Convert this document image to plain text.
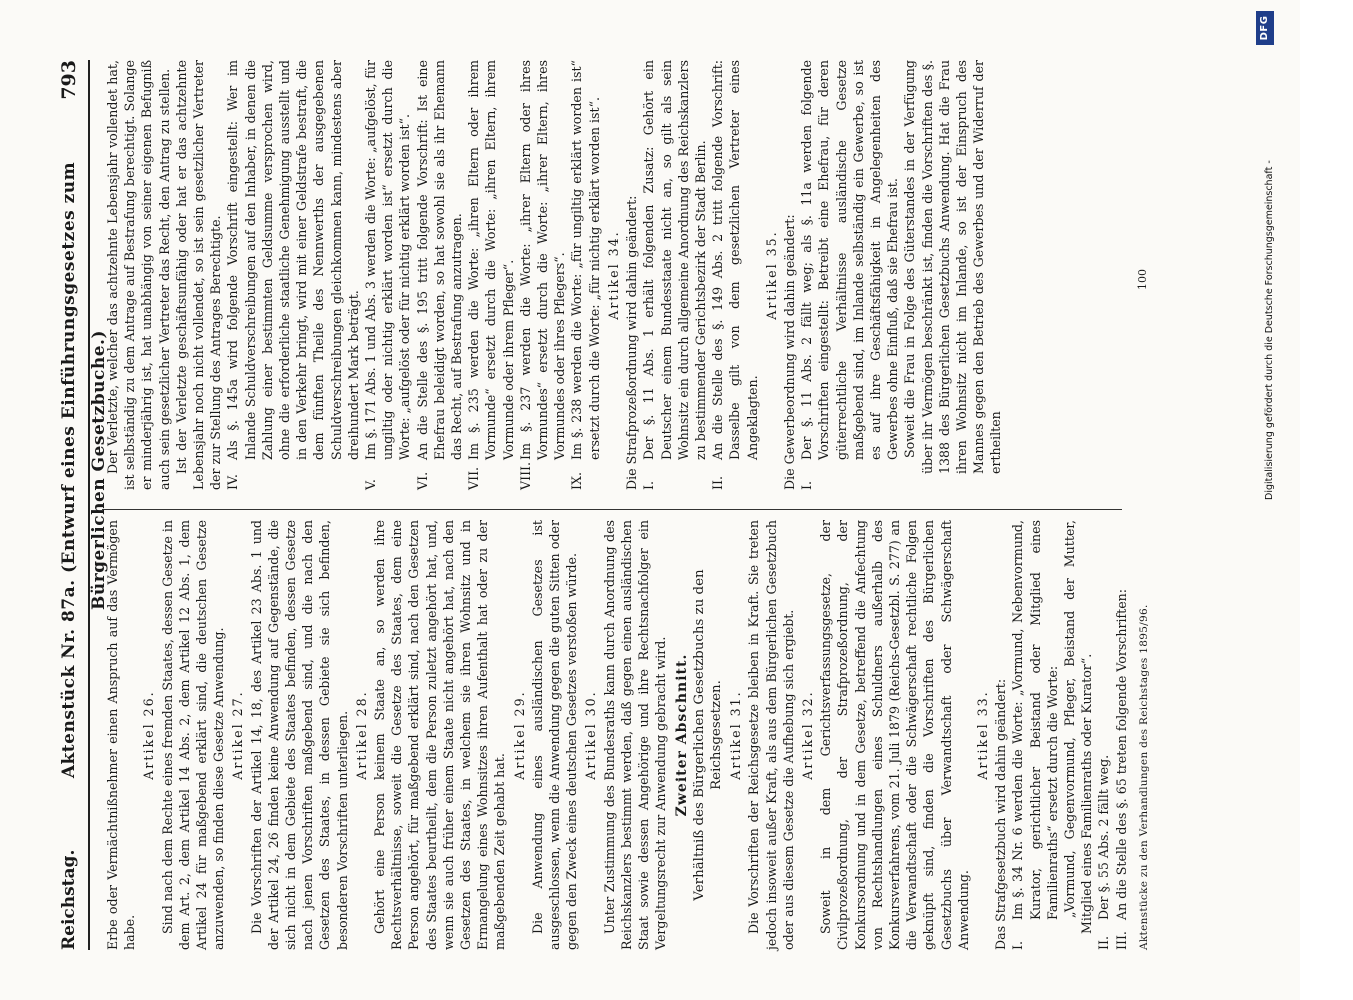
Reichstag.
Aktenstück Nr. 87a. (Entwurf eines Einführungsgesetzes zum Bürgerlichen Gesetzbuche.)
793

Erbe oder Vermächtnißnehmer einen Anspruch auf das Vermögen habe.

Artikel 26. Sind nach dem Rechte eines fremden Staates, dessen Gesetze in dem Art. 2, dem Artikel 14 Abs. 2, dem Artikel 12 Abs. 1, dem Artikel 24 für maßgebend erklärt sind, die deutschen Gesetze anzuwenden, so finden diese Gesetze Anwendung. Artikel 27. Die Vorschriften der Artikel 14, 18, des Artikel 23 Abs. 1 und der Artikel 24, 26 finden keine Anwendung auf Gegenstände, die sich nicht in dem Gebiete des Staates befinden, dessen Gesetze nach jenen Vorschriften maßgebend sind, und die nach den Gesetzen des Staates, in dessen Gebiete sie sich befinden, besonderen Vorschriften unterliegen. Artikel 28. Gehört eine Person keinem Staate an, so werden ihre Rechtsverhältnisse, soweit die Gesetze des Staates, dem eine Person angehört, für maßgebend erklärt sind, nach den Gesetzen des Staates beurtheilt, dem die Person zuletzt angehört hat, und, wenn sie auch früher einem Staate nicht angehört hat, nach den Gesetzen des Staates, in welchem sie ihren Wohnsitz und in Ermangelung eines Wohnsitzes ihren Aufenthalt hat oder zu der maßgebenden Zeit gehabt hat.

Artikel 29. Die Anwendung eines ausländischen Gesetzes ist ausgeschlossen, wenn die Anwendung gegen die guten Sitten oder gegen den Zweck eines deutschen Gesetzes verstoßen würde. Artikel 30. Unter Zustimmung des Bundesraths kann durch Anordnung des Reichskanzlers bestimmt werden, daß gegen einen ausländischen Staat sowie dessen Angehörige und ihre Rechtsnachfolger ein Vergeltungsrecht zur Anwendung gebracht wird. Zweiter Abschnitt. Verhältniß des Bürgerlichen Gesetzbuchs zu den Reichsgesetzen. Artikel 31. Die Vorschriften der Reichsgesetze bleiben in Kraft. Sie treten jedoch insoweit außer Kraft, als aus dem Bürgerlichen Gesetzbuch oder aus diesem Gesetze die Aufhebung sich ergiebt. Artikel 32. Soweit in dem Gerichtsverfassungsgesetze, der Civilprozeßordnung, der Strafprozeßordnung, der Konkursordnung und in dem Gesetze, betreffend die Anfechtung von Rechtshandlungen eines Schuldners außerhalb des Konkursverfahrens, vom 21. Juli 1879 (Reichs-Gesetzbl. S. 277) an die Verwandtschaft oder die Schwägerschaft rechtliche Folgen geknüpft sind, finden die Vorschriften des Bürgerlichen Gesetzbuchs über Verwandtschaft oder Schwägerschaft Anwendung.

Artikel 33. Das Strafgesetzbuch wird dahin geändert: I.Im §. 34 Nr. 6 werden die Worte: „Vormund, Nebenvormund, Kurator, gerichtlicher Beistand oder Mitglied eines Familienraths“ ersetzt durch die Worte: „Vormund, Gegenvormund, Pfleger, Beistand der Mutter, Mitglied eines Familienraths oder Kurator“.

II.Der §. 55 Abs. 2 fällt weg.

III.An die Stelle des §. 65 treten folgende Vorschriften:

Der Verletzte, welcher das achtzehnte Lebensjahr vollendet hat, ist selbständig zu dem Antrage auf Bestrafung berechtigt. Solange er minderjährig ist, hat unabhängig von seiner eigenen Befugniß auch sein gesetzlicher Vertreter das Recht, den Antrag zu stellen. Ist der Verletzte geschäftsunfähig oder hat er das achtzehnte Lebensjahr noch nicht vollendet, so ist sein gesetzlicher Vertreter der zur Stellung des Antrages Berechtigte. IV.Als §. 145a wird folgende Vorschrift eingestellt: Wer im Inlande Schuldverschreibungen auf den Inhaber, in denen die Zahlung einer bestimmten Geldsumme versprochen wird, ohne die erforderliche staatliche Genehmigung ausstellt und in den Verkehr bringt, wird mit einer Geldstrafe bestraft, die dem fünften Theile des Nennwerths der ausgegebenen Schuldverschreibungen gleichkommen kann, mindestens aber dreihundert Mark beträgt.

V.Im §. 171 Abs. 1 und Abs. 3 werden die Worte: „aufgelöst, für ungiltig oder nichtig erklärt worden ist“ ersetzt durch die Worte: „aufgelöst oder für nichtig erklärt worden ist“.

VI.An die Stelle des §. 195 tritt folgende Vorschrift: Ist eine Ehefrau beleidigt worden, so hat sowohl sie als ihr Ehemann das Recht, auf Bestrafung anzutragen.

VII.Im §. 235 werden die Worte: „ihren Eltern oder ihrem Vormunde“ ersetzt durch die Worte: „ihren Eltern, ihrem Vormunde oder ihrem Pfleger“.

VIII.Im §. 237 werden die Worte: „ihrer Eltern oder ihres Vormundes“ ersetzt durch die Worte: „ihrer Eltern, ihres Vormundes oder ihres Pflegers“.

IX.Im §. 238 werden die Worte: „für ungiltig erklärt worden ist“ ersetzt durch die Worte: „für nichtig erklärt worden ist“. Artikel 34. Die Strafprozeßordnung wird dahin geändert: I.Der §. 11 Abs. 1 erhält folgenden Zusatz: Gehört ein Deutscher einem Bundesstaate nicht an, so gilt als sein Wohnsitz ein durch allgemeine Anordnung des Reichskanzlers zu bestimmender Gerichtsbezirk der Stadt Berlin.

II.An die Stelle des §. 149 Abs. 2 tritt folgende Vorschrift: Dasselbe gilt von dem gesetzlichen Vertreter eines Angeklagten.

Artikel 35. Die Gewerbeordnung wird dahin geändert: I.Der §. 11 Abs. 2 fällt weg; als §. 11a werden folgende Vorschriften eingestellt: Betreibt eine Ehefrau, für deren güterrechtliche Verhältnisse ausländische Gesetze maßgebend sind, im Inlande selbständig ein Gewerbe, so ist es auf ihre Geschäftsfähigkeit in Angelegenheiten des Gewerbes ohne Einfluß, daß sie Ehefrau ist. Soweit die Frau in Folge des Güterstandes in der Verfügung über ihr Vermögen beschränkt ist, finden die Vorschriften des §. 1388 des Bürgerlichen Gesetzbuchs Anwendung. Hat die Frau ihren Wohnsitz nicht im Inlande, so ist der Einspruch des Mannes gegen den Betrieb des Gewerbes und der Widerruf der ertheilten

Aktenstücke zu den Verhandlungen des Reichstages 1895/96.
100	Digitalisierung gefördert durch die Deutsche Forschungsgemeinschaft -
DFG
